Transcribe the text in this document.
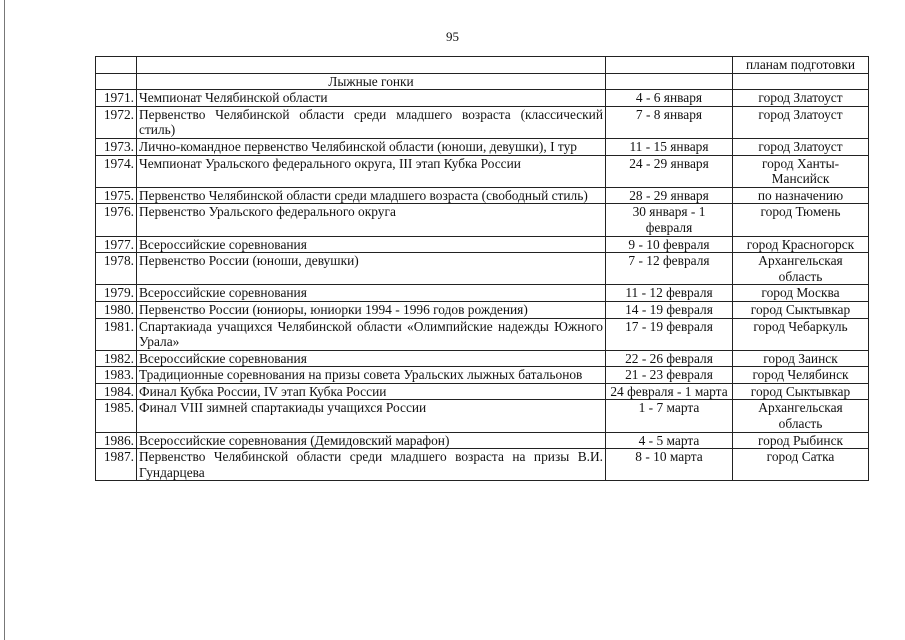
95
			планам подготовки
	Лыжные гонки		
1971.	Чемпионат Челябинской области	4 - 6 января	город Златоуст
1972.	Первенство Челябинской области среди младшего возраста (классический стиль)	7 - 8 января	город Златоуст
1973.	Лично-командное первенство Челябинской области (юноши, девушки), I тур	11 - 15 января	город Златоуст
1974.	Чемпионат Уральского федерального округа, III этап Кубка России	24 - 29 января	город Ханты-Мансийск
1975.	Первенство Челябинской области среди младшего возраста (свободный стиль)	28 - 29 января	по назначению
1976.	Первенство Уральского федерального округа	30 января - 1 февраля	город Тюмень
1977.	Всероссийские соревнования	9 - 10 февраля	город Красногорск
1978.	Первенство России (юноши, девушки)	7 - 12 февраля	Архангельская область
1979.	Всероссийские соревнования	11 - 12 февраля	город Москва
1980.	Первенство России (юниоры, юниорки 1994 - 1996 годов рождения)	14 - 19 февраля	город Сыктывкар
1981.	Спартакиада учащихся Челябинской области «Олимпийские надежды Южного Урала»	17 - 19 февраля	город Чебаркуль
1982.	Всероссийские соревнования	22 - 26 февраля	город Заинск
1983.	Традиционные соревнования на призы совета Уральских лыжных батальонов	21 - 23 февраля	город Челябинск
1984.	Финал Кубка России, IV этап Кубка России	24 февраля - 1 марта	город Сыктывкар
1985.	Финал VIII зимней спартакиады учащихся России	1 - 7 марта	Архангельская область
1986.	Всероссийские соревнования (Демидовский марафон)	4 - 5 марта	город Рыбинск
1987.	Первенство Челябинской области среди младшего возраста на призы В.И. Гундарцева	8 - 10 марта	город Сатка
